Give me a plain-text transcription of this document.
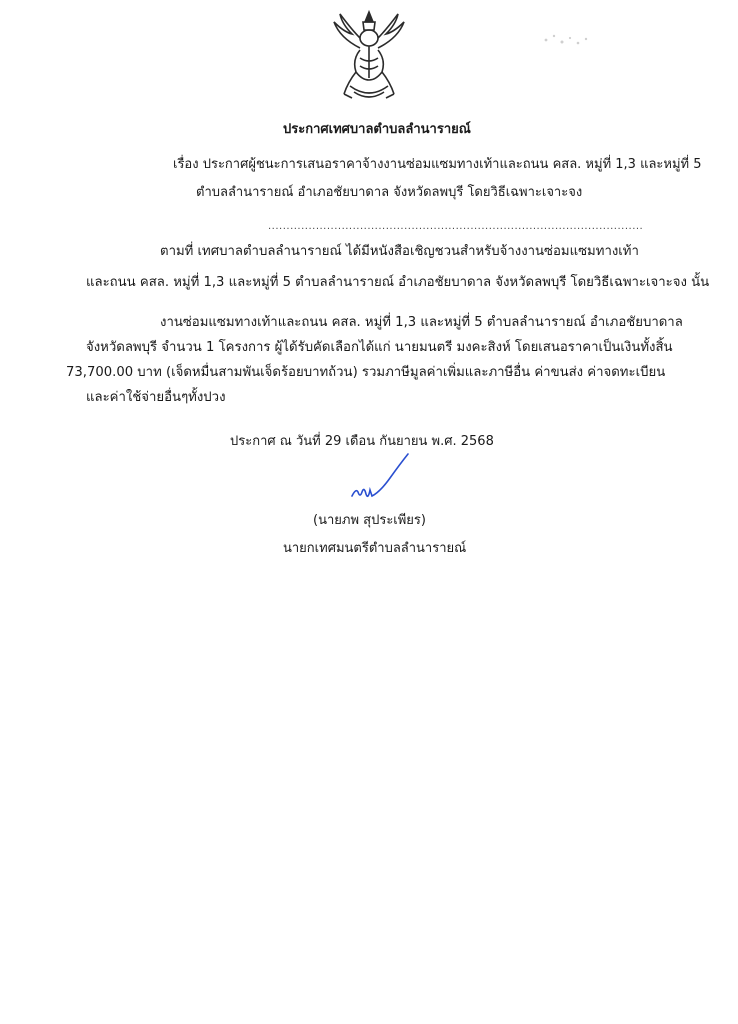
ประกาศเทศบาลตำบลลำนารายณ์
เรื่อง ประกาศผู้ชนะการเสนอราคาจ้างงานซ่อมแซมทางเท้าและถนน คสล. หมู่ที่ 1,3 และหมู่ที่ 5
ตำบลลำนารายณ์ อำเภอชัยบาดาล จังหวัดลพบุรี โดยวิธีเฉพาะเจาะจง
......................................................................................................
ตามที่ เทศบาลตำบลลำนารายณ์ ได้มีหนังสือเชิญชวนสำหรับจ้างงานซ่อมแซมทางเท้า
และถนน คสล. หมู่ที่ 1,3 และหมู่ที่ 5 ตำบลลำนารายณ์ อำเภอชัยบาดาล จังหวัดลพบุรี โดยวิธีเฉพาะเจาะจง นั้น
งานซ่อมแซมทางเท้าและถนน คสล. หมู่ที่ 1,3 และหมู่ที่ 5 ตำบลลำนารายณ์ อำเภอชัยบาดาล
จังหวัดลพบุรี จำนวน 1 โครงการ ผู้ได้รับคัดเลือกได้แก่ นายมนตรี มงคะสิงห์ โดยเสนอราคาเป็นเงินทั้งสิ้น
73,700.00 บาท (เจ็ดหมื่นสามพันเจ็ดร้อยบาทถ้วน) รวมภาษีมูลค่าเพิ่มและภาษีอื่น ค่าขนส่ง ค่าจดทะเบียน
และค่าใช้จ่ายอื่นๆทั้งปวง
ประกาศ ณ วันที่ 29 เดือน กันยายน พ.ศ. 2568
(นายภพ สุประเพียร)
นายกเทศมนตรีตำบลลำนารายณ์
